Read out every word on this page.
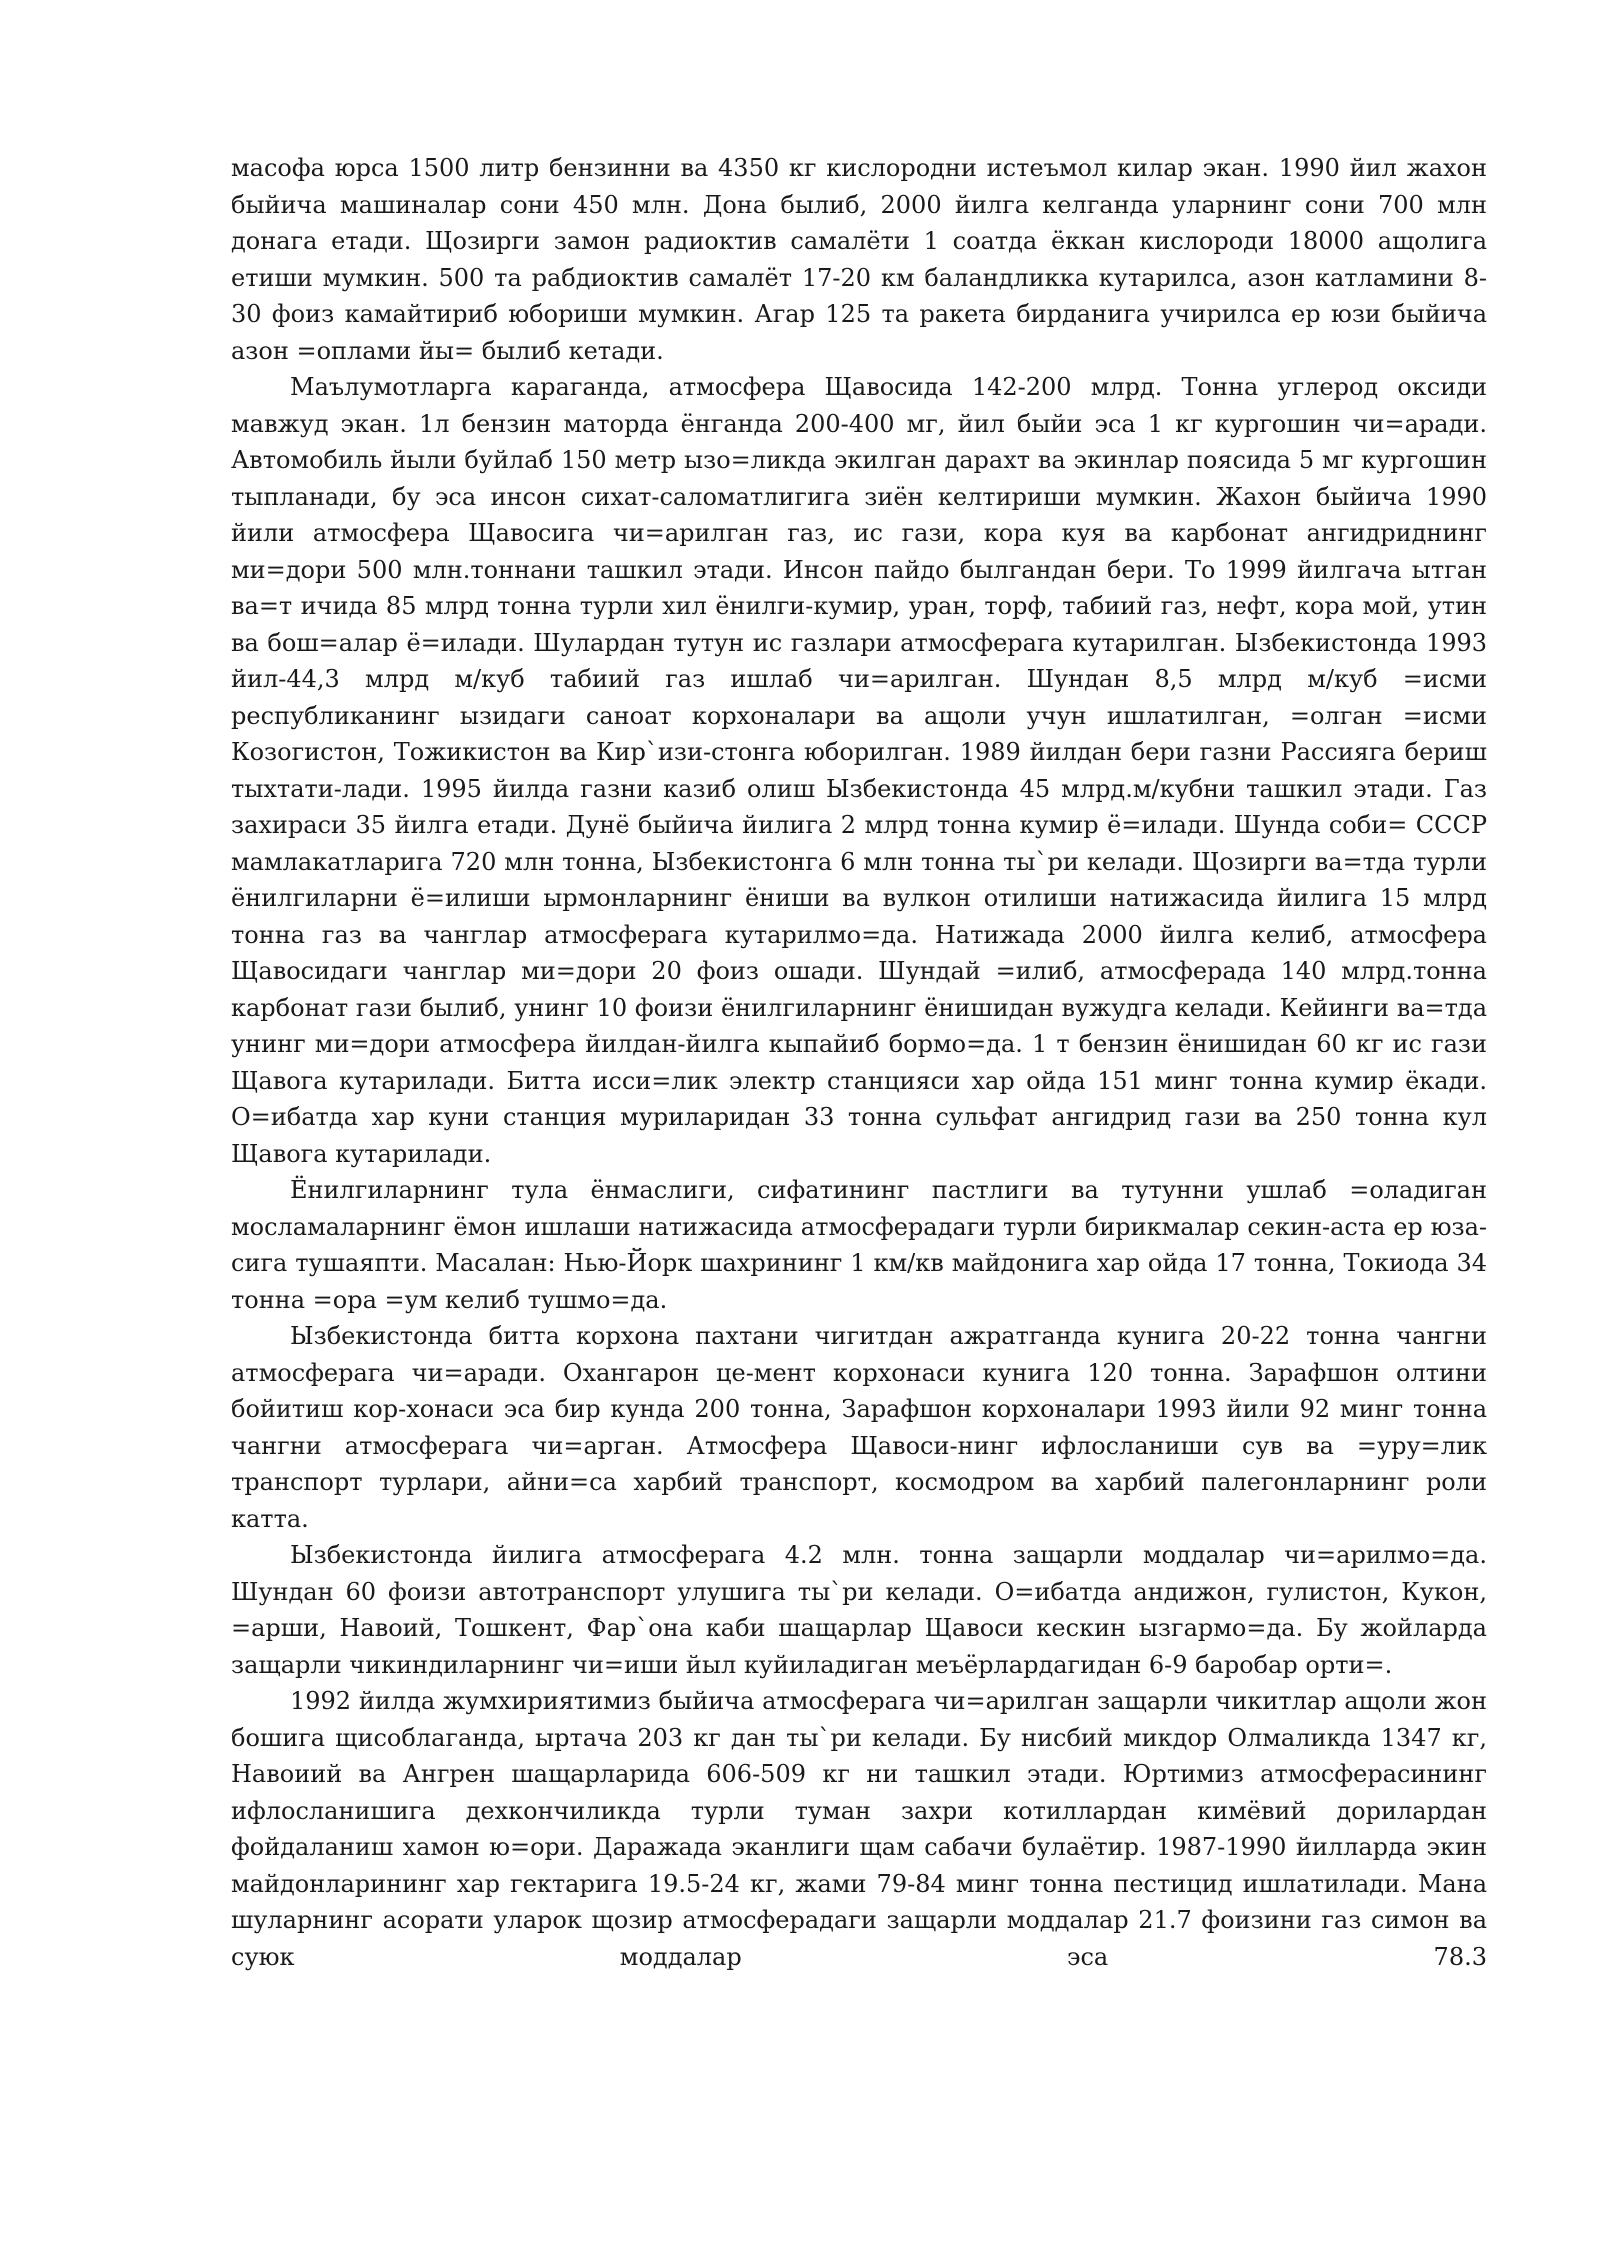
масофа юрса 1500 литр бензинни ва 4350 кг кислородни истеъмол килар экан. 1990 йил жахон быйича машиналар сони 450 млн. Дона былиб, 2000 йилга келганда уларнинг сони 700 млн донага етади. Щозирги замон радиоктив самалёти 1 соатда ёккан кислороди 18000 ащолига етиши мумкин. 500 та рабдиоктив самалёт 17-20 км баландликка кутарилса, азон катламини 8-30 фоиз камайтириб юбориши мумкин. Агар 125 та ракета бирданига учирилса ер юзи быйича азон =оплами йы= былиб кетади.

Маълумотларга караганда, атмосфера Щавосида 142-200 млрд. Тонна углерод оксиди мавжуд экан. 1л бензин маторда ёнганда 200-400 мг, йил быйи эса 1 кг кургошин чи=аради. Автомобиль йыли буйлаб 150 метр ызо=ликда экилган дарахт ва экинлар поясида 5 мг кургошин тыпланади, бу эса инсон сихат-саломатлигига зиён келтириши мумкин. Жахон быйича 1990 йили атмосфера Щавосига чи=арилган газ, ис гази, кора куя ва карбонат ангидриднинг ми=дори 500 млн.тоннани ташкил этади. Инсон пайдо былгандан бери. То 1999 йилгача ытган ва=т ичида 85 млрд тонна турли хил ёнилги-кумир, уран, торф, табиий газ, нефт, кора мой, утин ва бош=алар ё=илади. Шулардан тутун ис газлари атмосферага кутарилган. Ызбекистонда 1993 йил-44,3 млрд м/куб табиий газ ишлаб чи=арилган. Шундан 8,5 млрд м/куб =исми республиканинг ызидаги саноат корхоналари ва ащоли учун ишлатилган, =олган =исми Козогистон, Тожикистон ва Кир`изи-стонга юборилган. 1989 йилдан бери газни Рассияга бериш тыхтати-лади. 1995 йилда газни казиб олиш Ызбекистонда 45 млрд.м/кубни ташкил этади. Газ захираси 35 йилга етади. Дунё быйича йилига 2 млрд тонна кумир ё=илади. Шунда соби= СССР мамлакатларига 720 млн тонна, Ызбекистонга 6 млн тонна ты`ри келади. Щозирги ва=тда турли ёнилгиларни ё=илиши ырмонларнинг ёниши ва вулкон отилиши натижасида йилига 15 млрд тонна газ ва чанглар атмосферага кутарилмо=да. Натижада 2000 йилга келиб, атмосфера Щавосидаги чанглар ми=дори 20 фоиз ошади. Шундай =илиб, атмосферада 140 млрд.тонна карбонат гази былиб, унинг 10 фоизи ёнилгиларнинг ёнишидан вужудга келади. Кейинги ва=тда унинг ми=дори атмосфера йилдан-йилга кыпайиб бормо=да. 1 т бензин ёнишидан 60 кг ис гази Щавога кутарилади. Битта исси=лик электр станцияси хар ойда 151 минг тонна кумир ёкади. О=ибатда хар куни станция муриларидан 33 тонна сульфат ангидрид гази ва 250 тонна кул Щавога кутарилади.

Ёнилгиларнинг тула ёнмаслиги, сифатининг пастлиги ва тутунни ушлаб =оладиган мосламаларнинг ёмон ишлаши натижасида атмосферадаги турли бирикмалар секин-аста ер юза-сига тушаяпти. Масалан: Нью-Йорк шахрининг 1 км/кв майдонига хар ойда 17 тонна, Токиода 34 тонна =ора =ум келиб тушмо=да.

Ызбекистонда битта корхона пахтани чигитдан ажратганда кунига 20-22 тонна чангни атмосферага чи=аради. Охангарон це-мент корхонаси кунига 120 тонна. Зарафшон олтини бойитиш кор-хонаси эса бир кунда 200 тонна, Зарафшон корхоналари 1993 йили 92 минг тонна чангни атмосферага чи=арган. Атмосфера Щавоси-нинг ифлосланиши сув ва =уру=лик транспорт турлари, айни=са харбий транспорт, космодром ва харбий палегонларнинг роли катта.

Ызбекистонда йилига атмосферага 4.2 млн. тонна защарли моддалар чи=арилмо=да. Шундан 60 фоизи автотранспорт улушига ты`ри келади. О=ибатда андижон, гулистон, Кукон, =арши, Навоий, Тошкент, Фар`она каби шащарлар Щавоси кескин ызгармо=да. Бу жойларда защарли чикиндиларнинг чи=иши йыл куйиладиган меъёрлардагидан 6-9 баробар орти=.

1992 йилда жумхириятимиз быйича атмосферага чи=арилган защарли чикитлар ащоли жон бошига щисоблаганда, ыртача 203 кг дан ты`ри келади. Бу нисбий микдор Олмаликда 1347 кг, Навоиий ва Ангрен шащарларида 606-509 кг ни ташкил этади. Юртимиз атмосферасининг ифлосланишига дехкончиликда турли туман захри котиллардан кимёвий дорилардан фойдаланиш хамон ю=ори. Даражада эканлиги щам сабачи булаётир. 1987-1990 йилларда экин майдонларининг хар гектарига 19.5-24 кг, жами 79-84 минг тонна пестицид ишлатилади. Мана шуларнинг асорати уларок щозир атмосферадаги защарли моддалар 21.7 фоизини газ симон ва суюк моддалар эса 78.3
